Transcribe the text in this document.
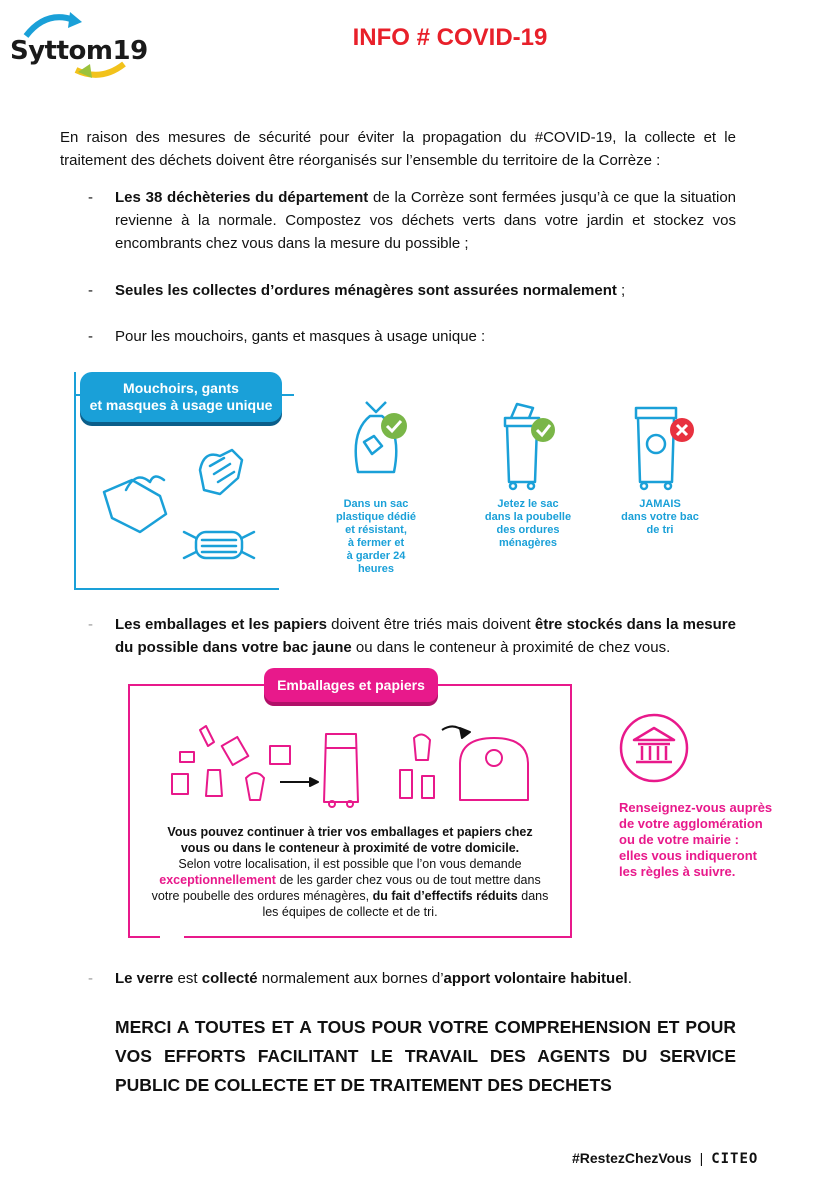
Syttom19	INFO # COVID-19

En raison des mesures de sécurité pour éviter la propagation du #COVID-19, la collecte et le traitement des déchets doivent être réorganisés sur l’ensemble du territoire de la Corrèze :

-	Les 38 déchèteries du département de la Corrèze sont fermées jusqu’à ce que la situation revienne à la normale. Compostez vos déchets verts dans votre jardin et stockez vos encombrants chez vous dans la mesure du possible ;
-	Seules les collectes d’ordures ménagères sont assurées normalement ;
-	Pour les mouchoirs, gants et masques à usage unique :
Mouchoirs, gants
et masques à usage unique
Dans un sac
plastique dédié
et résistant,
à fermer et
à garder 24 heures
Jetez le sac
dans la poubelle
des ordures
ménagères
JAMAIS
dans votre bac
de tri
-	Les emballages et les papiers doivent être triés mais doivent être stockés dans la mesure du possible dans votre bac jaune ou dans le conteneur à proximité de chez vous.
Emballages et papiers
Vous pouvez continuer à trier vos emballages et papiers chez
vous ou dans le conteneur à proximité de votre domicile.
Selon votre localisation, il est possible que l’on vous demande
exceptionnellement de les garder chez vous ou de tout mettre dans
votre poubelle des ordures ménagères, du fait d’effectifs réduits dans
les équipes de collecte et de tri.
Renseignez-vous auprès
de votre agglomération
ou de votre mairie :
elles vous indiqueront
les règles à suivre.
-	Le verre est collecté normalement aux bornes d’apport volontaire habituel.

MERCI A TOUTES ET A TOUS POUR VOTRE COMPREHENSION ET POUR VOS EFFORTS FACILITANT LE TRAVAIL DES AGENTS DU SERVICE PUBLIC DE COLLECTE ET DE TRAITEMENT DES DECHETS

#RestezChezVous | CITEO
